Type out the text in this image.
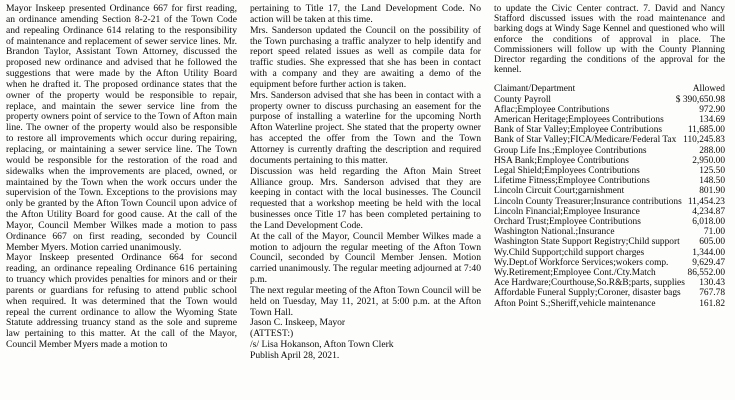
Mayor Inskeep presented Ordinance 667 for first reading, an ordinance amending Section 8-2-21 of the Town Code and repealing Ordinance 614 relating to the responsibility of maintenance and replacement of sewer service lines. Mr. Brandon Taylor, Assistant Town Attorney, discussed the proposed new ordinance and advised that he followed the suggestions that were made by the Afton Utility Board when he drafted it. The proposed ordinance states that the owner of the property would be responsible to repair, replace, and maintain the sewer service line from the property owners point of service to the Town of Afton main line. The owner of the property would also be responsible to restore all improvements which occur during repairing, replacing, or maintaining a sewer service line. The Town would be responsible for the restoration of the road and sidewalks when the improvements are placed, owned, or maintained by the Town when the work occurs under the supervision of the Town. Exceptions to the provisions may only be granted by the Afton Town Council upon advice of the Afton Utility Board for good cause. At the call of the Mayor, Council Member Wilkes made a motion to pass Ordinance 667 on first reading, seconded by Council Member Myers. Motion carried unanimously.

Mayor Inskeep presented Ordinance 664 for second reading, an ordinance repealing Ordinance 616 pertaining to truancy which provides penalties for minors and or their parents or guardians for refusing to attend public school when required. It was determined that the Town would repeal the current ordinance to allow the Wyoming State Statute addressing truancy stand as the sole and supreme law pertaining to this matter. At the call of the Mayor, Council Member Myers made a motion to

pertaining to Title 17, the Land Development Code. No action will be taken at this time.

Mrs. Sanderson updated the Council on the possibility of the Town purchasing a traffic analyzer to help identify and report speed related issues as well as compile data for traffic studies. She expressed that she has been in contact with a company and they are awaiting a demo of the equipment before further action is taken.

Mrs. Sanderson advised that she has been in contact with a property owner to discuss purchasing an easement for the purpose of installing a waterline for the upcoming North Afton Waterline project. She stated that the property owner has accepted the offer from the Town and the Town Attorney is currently drafting the description and required documents pertaining to this matter.

Discussion was held regarding the Afton Main Street Alliance group. Mrs. Sanderson advised that they are keeping in contact with the local businesses. The Council requested that a workshop meeting be held with the local businesses once Title 17 has been completed pertaining to the Land Development Code.

At the call of the Mayor, Council Member Wilkes made a motion to adjourn the regular meeting of the Afton Town Council, seconded by Council Member Jensen. Motion carried unanimously. The regular meeting adjourned at 7:40 p.m.

The next regular meeting of the Afton Town Council will be held on Tuesday, May 11, 2021, at 5:00 p.m. at the Afton Town Hall.

Jason C. Inskeep, Mayor

(ATTEST:)

/s/ Lisa Hokanson, Afton Town Clerk

Publish April 28, 2021.

to update the Civic Center contract. 7. David and Nancy Stafford discussed issues with the road maintenance and barking dogs at Windy Sage Kennel and questioned who will enforce the conditions of approval in place. The Commissioners will follow up with the County Planning Director regarding the conditions of the approval for the kennel.

Claimant/Department	Allowed
County Payroll	$ 390,650.98
Aflac;Employee Contributions	972.90
American Heritage;Employees Contributions	134.69
Bank of Star Valley;Employee Contributions	11,685.00
Bank of Star Valley;FICA/Medicare/Federal Tax 110,245.83
Group Life Ins.;Employee Contributions	288.00
HSA Bank;Employee Contributions	2,950.00
Legal Shield;Employees Contributions	125.50
Lifetime Fitness;Employee Contributions	148.50
Lincoln Circuit Court;garnishment	801.90
Lincoln County Treasurer;Insurance contributions 11,454.23
Lincoln Financial;Employee Insurance	4,234.87
Orchard Trust;Employee Contributions	6,018.00
Washington National.;Insurance	71.00
Washington State Support Registry;Child support 605.00
Wy.Child Support;child support charges	1,344.00
Wy.Dept.of Workforce Services;wokers comp.	9,629.47
Wy.Retirement;Employee Cont./Cty.Match	86,552.00
Ace Hardware;Courthouse,So.R&B;parts, supplies 130.43
Affordable Funeral Supply;Coroner, disaster bags 767.78
Afton Point S.;Sheriff,vehicle maintenance	161.82
